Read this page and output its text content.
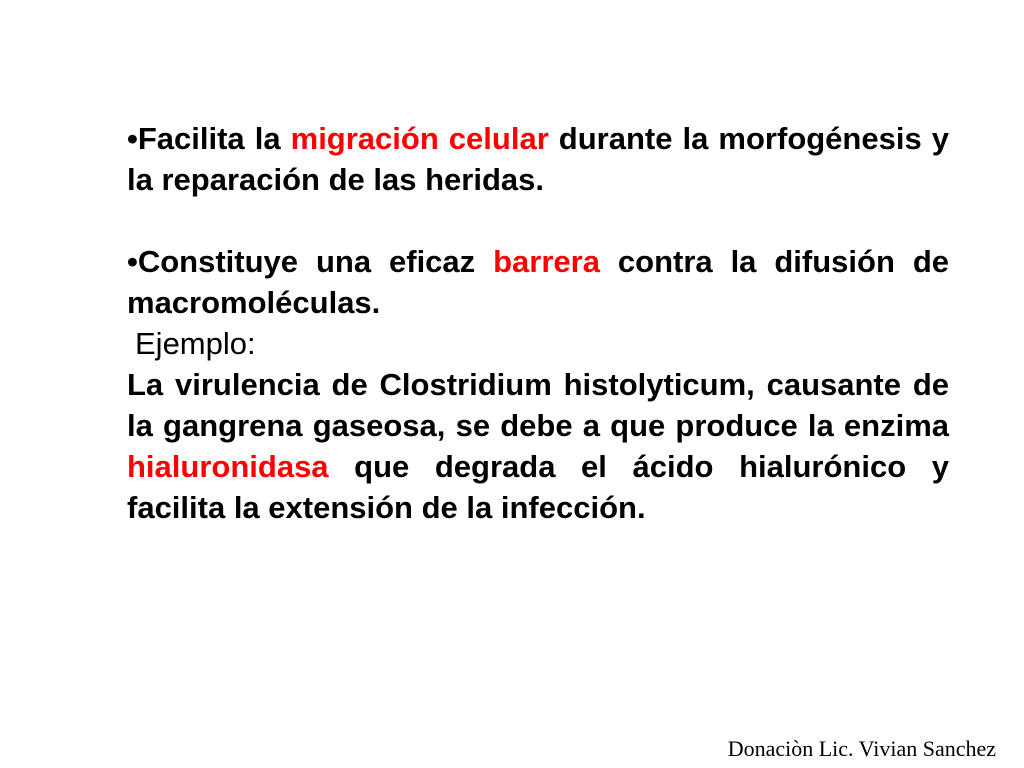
•Facilita la migración celular durante la morfogénesis y la reparación de las heridas.

•Constituye una eficaz barrera contra la difusión de macromoléculas.

Ejemplo:

La virulencia de Clostridium histolyticum, causante de la gangrena gaseosa, se debe a que produce la enzima hialuronidasa que degrada el ácido hialurónico y facilita la extensión de la infección.

Donaciòn Lic. Vivian Sanchez
